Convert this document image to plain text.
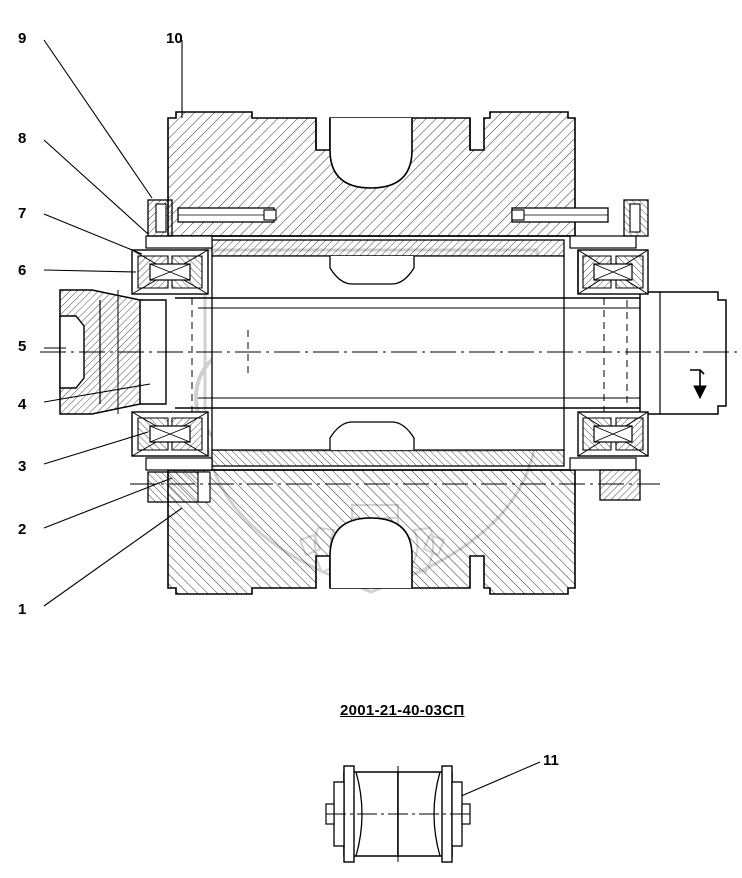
2001-21-40-03СП
9	10
8
7
6
5
4
3
2
1
11
